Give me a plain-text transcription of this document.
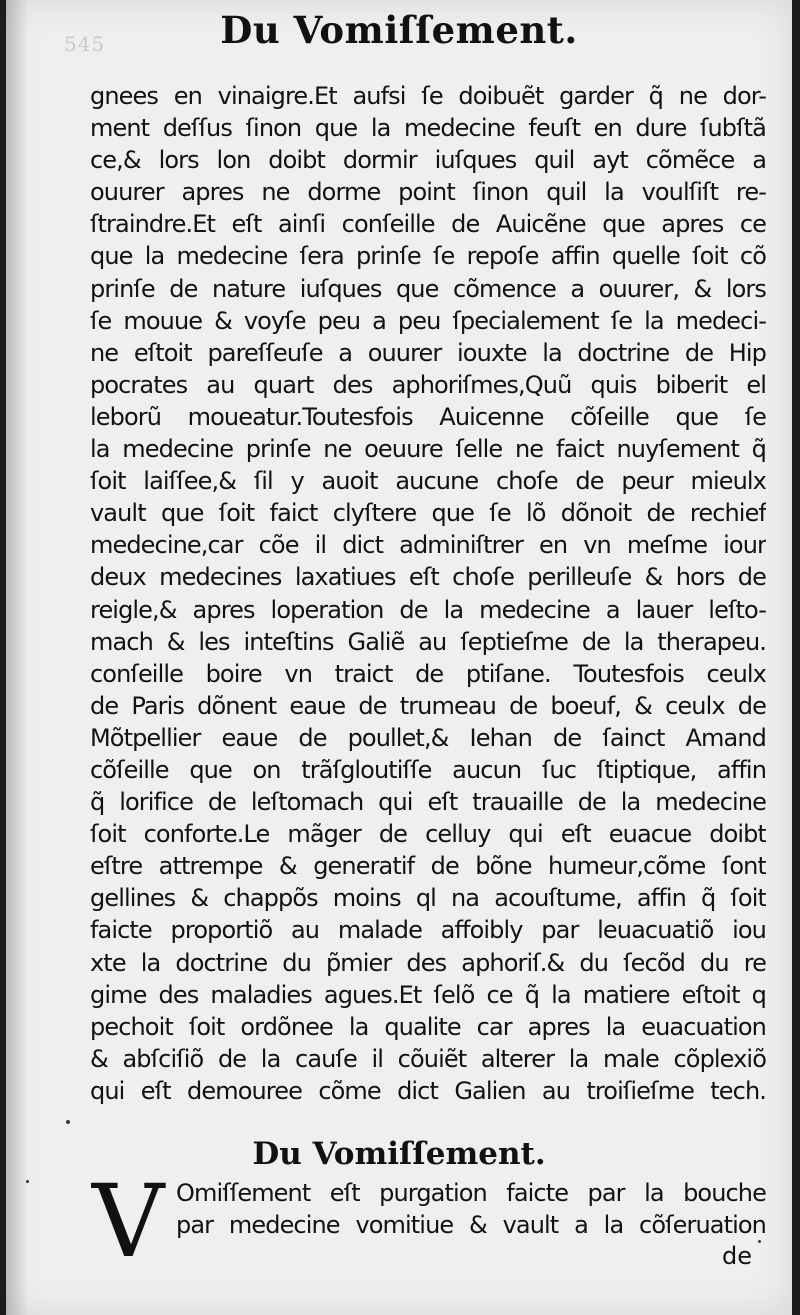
545	Du Vomiſſement.
gnees en vinaigre.Et aufsi ſe doibuẽt garder q̃ ne dor-
ment deſſus ſinon que la medecine feuſt en dure ſubſtã
ce,& lors lon doibt dormir iuſques quil ayt cõmẽce a
ouurer apres ne dorme point ſinon quil la voulſiſt re-
ſtraindre.Et eſt ainſi conſeille de Auicẽne que apres ce
que la medecine ſera prinſe ſe repoſe affin quelle ſoit cõ
prinſe de nature iuſques que cõmence a ouurer, & lors
ſe mouue & voyſe peu a peu ſpecialement ſe la medeci-
ne eſtoit pareſſeuſe a ouurer iouxte la doctrine de Hip
pocrates au quart des aphoriſmes,Quũ quis biberit el
leborũ moueatur.Toutesfois Auicenne cõſeille que ſe
la medecine prinſe ne oeuure ſelle ne faict nuyſement q̃
ſoit laiſſee,& ſil y auoit aucune choſe de peur mieulx
vault que ſoit faict clyſtere que ſe lõ dõnoit de rechief
medecine,car cõe il dict adminiſtrer en vn meſme iour
deux medecines laxatiues eſt choſe perilleuſe & hors de
reigle,& apres loperation de la medecine a lauer leſto-
mach & les inteſtins Galiẽ au ſeptieſme de la therapeu.
conſeille boire vn traict de ptiſane. Toutesfois ceulx
de Paris dõnent eaue de trumeau de boeuf, & ceulx de
Mõtpellier eaue de poullet,& Iehan de ſainct Amand
cõſeille que on trãſgloutiſſe aucun ſuc ſtiptique, affin
q̃ lorifice de leſtomach qui eſt trauaille de la medecine
ſoit conforte.Le mãger de celluy qui eſt euacue doibt
eſtre attrempe & generatif de bõne humeur,cõme ſont
gellines & chappõs moins ql na acouſtume, affin q̃ ſoit
faicte proportiõ au malade affoibly par leuacuatiõ iou
xte la doctrine du p̃mier des aphoriſ.& du ſecõd du re
gime des maladies agues.Et ſelõ ce q̃ la matiere eſtoit q
pechoit ſoit ordõnee la qualite car apres la euacuation
& abſciſiõ de la cauſe il cõuiẽt alterer la male cõplexiõ
qui eſt demouree cõme dict Galien au troiſieſme tech.
Du Vomiſſement.
V Omiſſement eſt purgation faicte par la bouche
par medecine vomitiue & vault a la cõſeruation
de
